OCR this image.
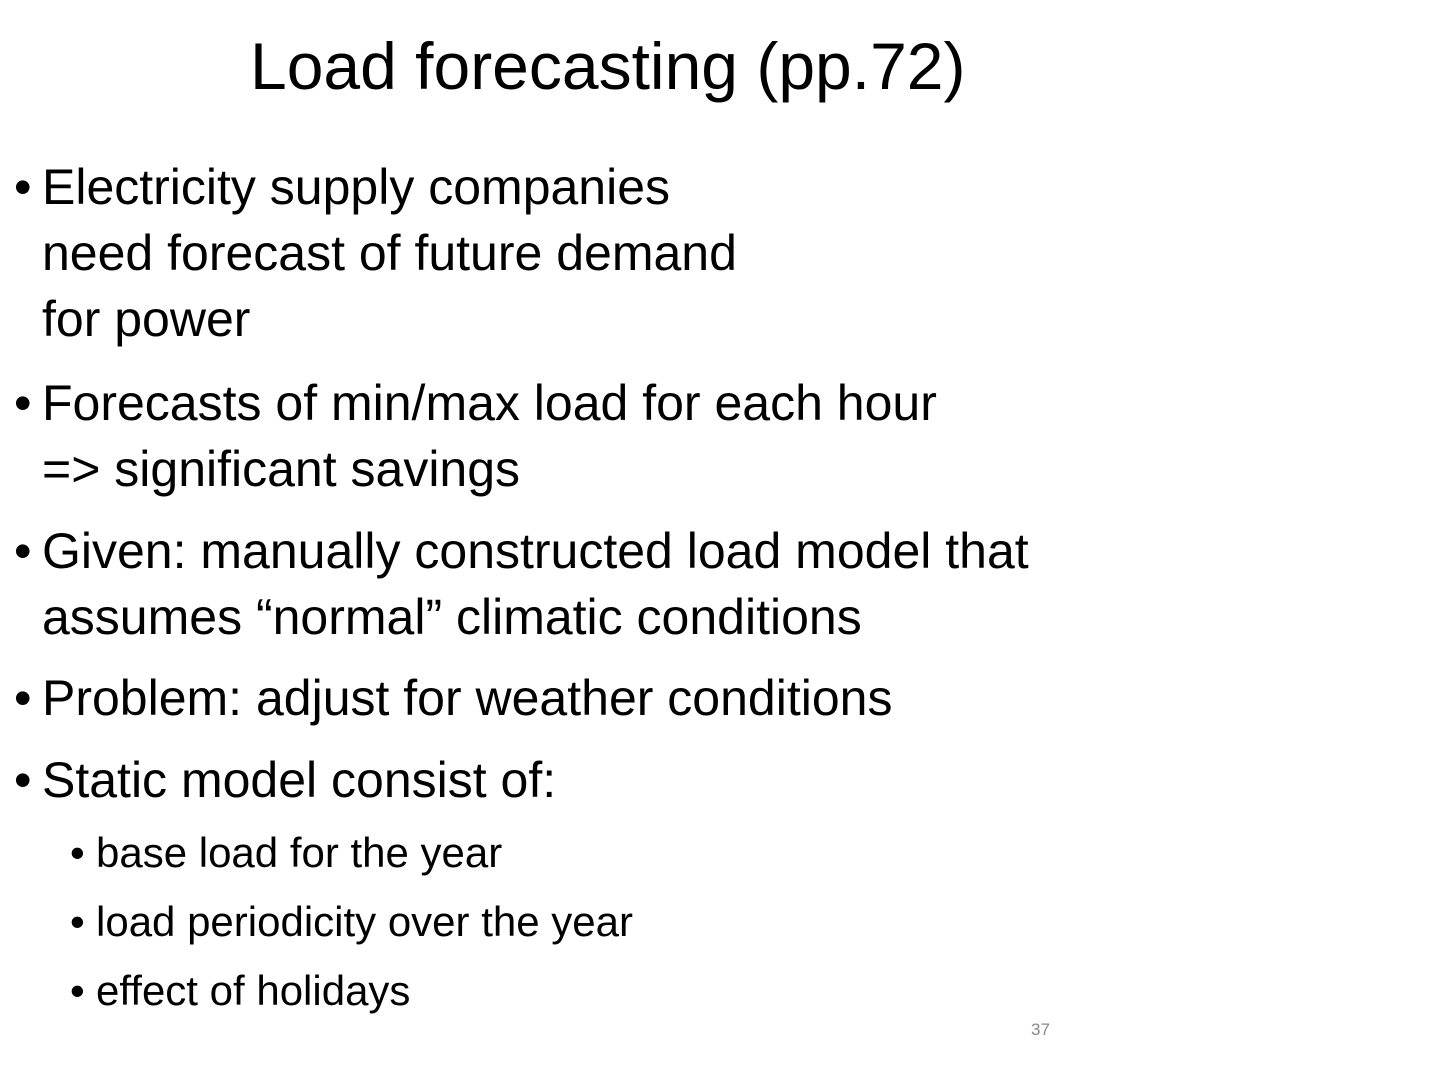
Load forecasting (pp.72)
• Electricity supply companies
need forecast of future demand
for power
• Forecasts of min/max load for each hour
=> significant savings
• Given: manually constructed load model that
assumes “normal” climatic conditions
• Problem: adjust for weather conditions
• Static model consist of:
• base load for the year
• load periodicity over the year
• effect of holidays
37
